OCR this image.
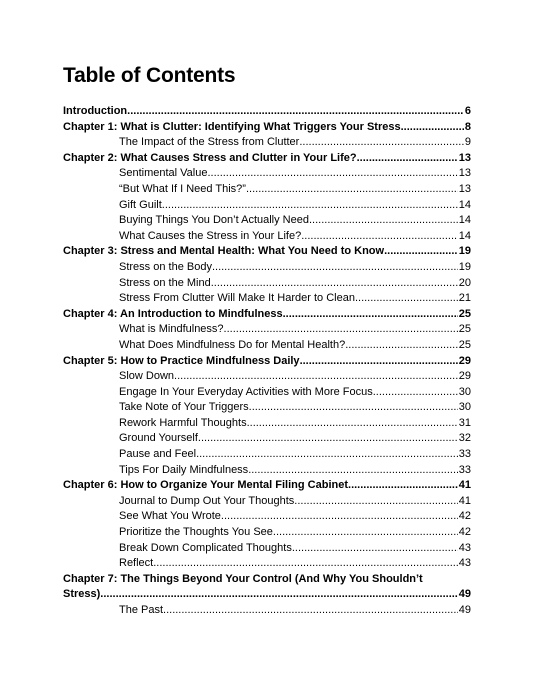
Table of Contents
Introduction .....	6
Chapter 1: What is Clutter: Identifying What Triggers Your Stress .....	8
The Impact of the Stress from Clutter .....	9
Chapter 2: What Causes Stress and Clutter in Your Life? .....	13
Sentimental Value .....	13
“But What If I Need This?” .....	13
Gift Guilt .....	14
Buying Things You Don’t Actually Need .....	14
What Causes the Stress in Your Life? .....	14
Chapter 3: Stress and Mental Health: What You Need to Know .....	19
Stress on the Body .....	19
Stress on the Mind .....	20
Stress From Clutter Will Make It Harder to Clean .....	21
Chapter 4: An Introduction to Mindfulness .....	25
What is Mindfulness? .....	25
What Does Mindfulness Do for Mental Health? .....	25
Chapter 5: How to Practice Mindfulness Daily .....	29
Slow Down .....	29
Engage In Your Everyday Activities with More Focus .....	30
Take Note of Your Triggers .....	30
Rework Harmful Thoughts .....	31
Ground Yourself .....	32
Pause and Feel .....	33
Tips For Daily Mindfulness .....	33
Chapter 6: How to Organize Your Mental Filing Cabinet .....	41
Journal to Dump Out Your Thoughts .....	41
See What You Wrote .....	42
Prioritize the Thoughts You See .....	42
Break Down Complicated Thoughts .....	43
Reflect .....	43
Chapter 7: The Things Beyond Your Control (And Why You Shouldn’t
Stress) .....	49
The Past .....	49
